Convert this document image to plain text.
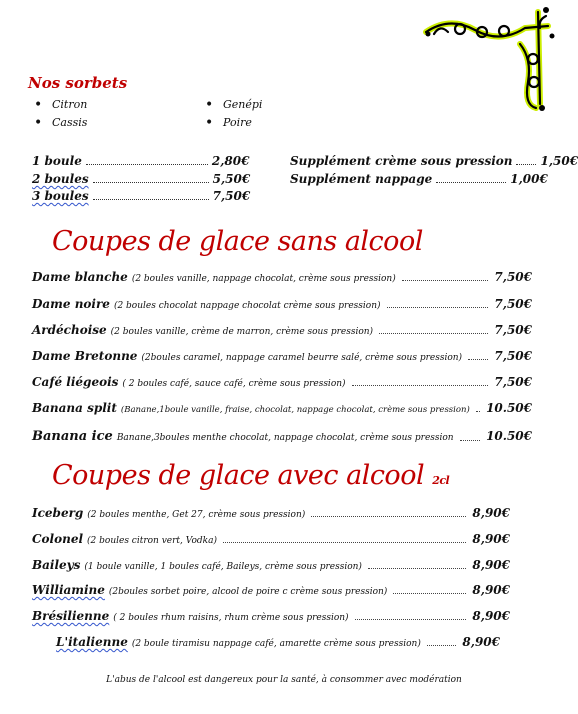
Nos sorbets
• Citron
• Cassis
• Genépi
• Poire
1 boule	2,80€
2 boules	5,50€
3 boules	7,50€
Supplément crème sous pression 1,50€
Supplément nappage	1,00€
Coupes de glace sans alcool
Dame blanche (2 boules vanille, nappage chocolat, crème sous pression)	7,50€
Dame noire (2 boules chocolat nappage chocolat crème sous pression)	7,50€
Ardéchoise (2 boules vanille, crème de marron, crème sous pression)	7,50€
Dame Bretonne (2boules caramel, nappage caramel beurre salé, crème sous pression)	7,50€
Café liégeois ( 2 boules café, sauce café, crème sous pression)	7,50€
Banana split (Banane,1boule vanille, fraise, chocolat, nappage chocolat, crème sous pression) 10.50€
Banana ice Banane,3boules menthe chocolat, nappage chocolat, crème sous pression	10.50€
Coupes de glace avec alcool 2cl
Iceberg (2 boules menthe, Get 27, crème sous pression)	8,90€
Colonel (2 boules citron vert, Vodka)	8,90€
Baileys (1 boule vanille, 1 boules café, Baileys, crème sous pression)	8,90€
Williamine (2boules sorbet poire, alcool de poire c crème sous pression)	8,90€
Brésilienne ( 2 boules rhum raisins, rhum crème sous pression)	8,90€
L'italienne (2 boule tiramisu nappage café, amarette crème sous pression)	8,90€
L'abus de l'alcool est dangereux pour la santé, à consommer avec modération
